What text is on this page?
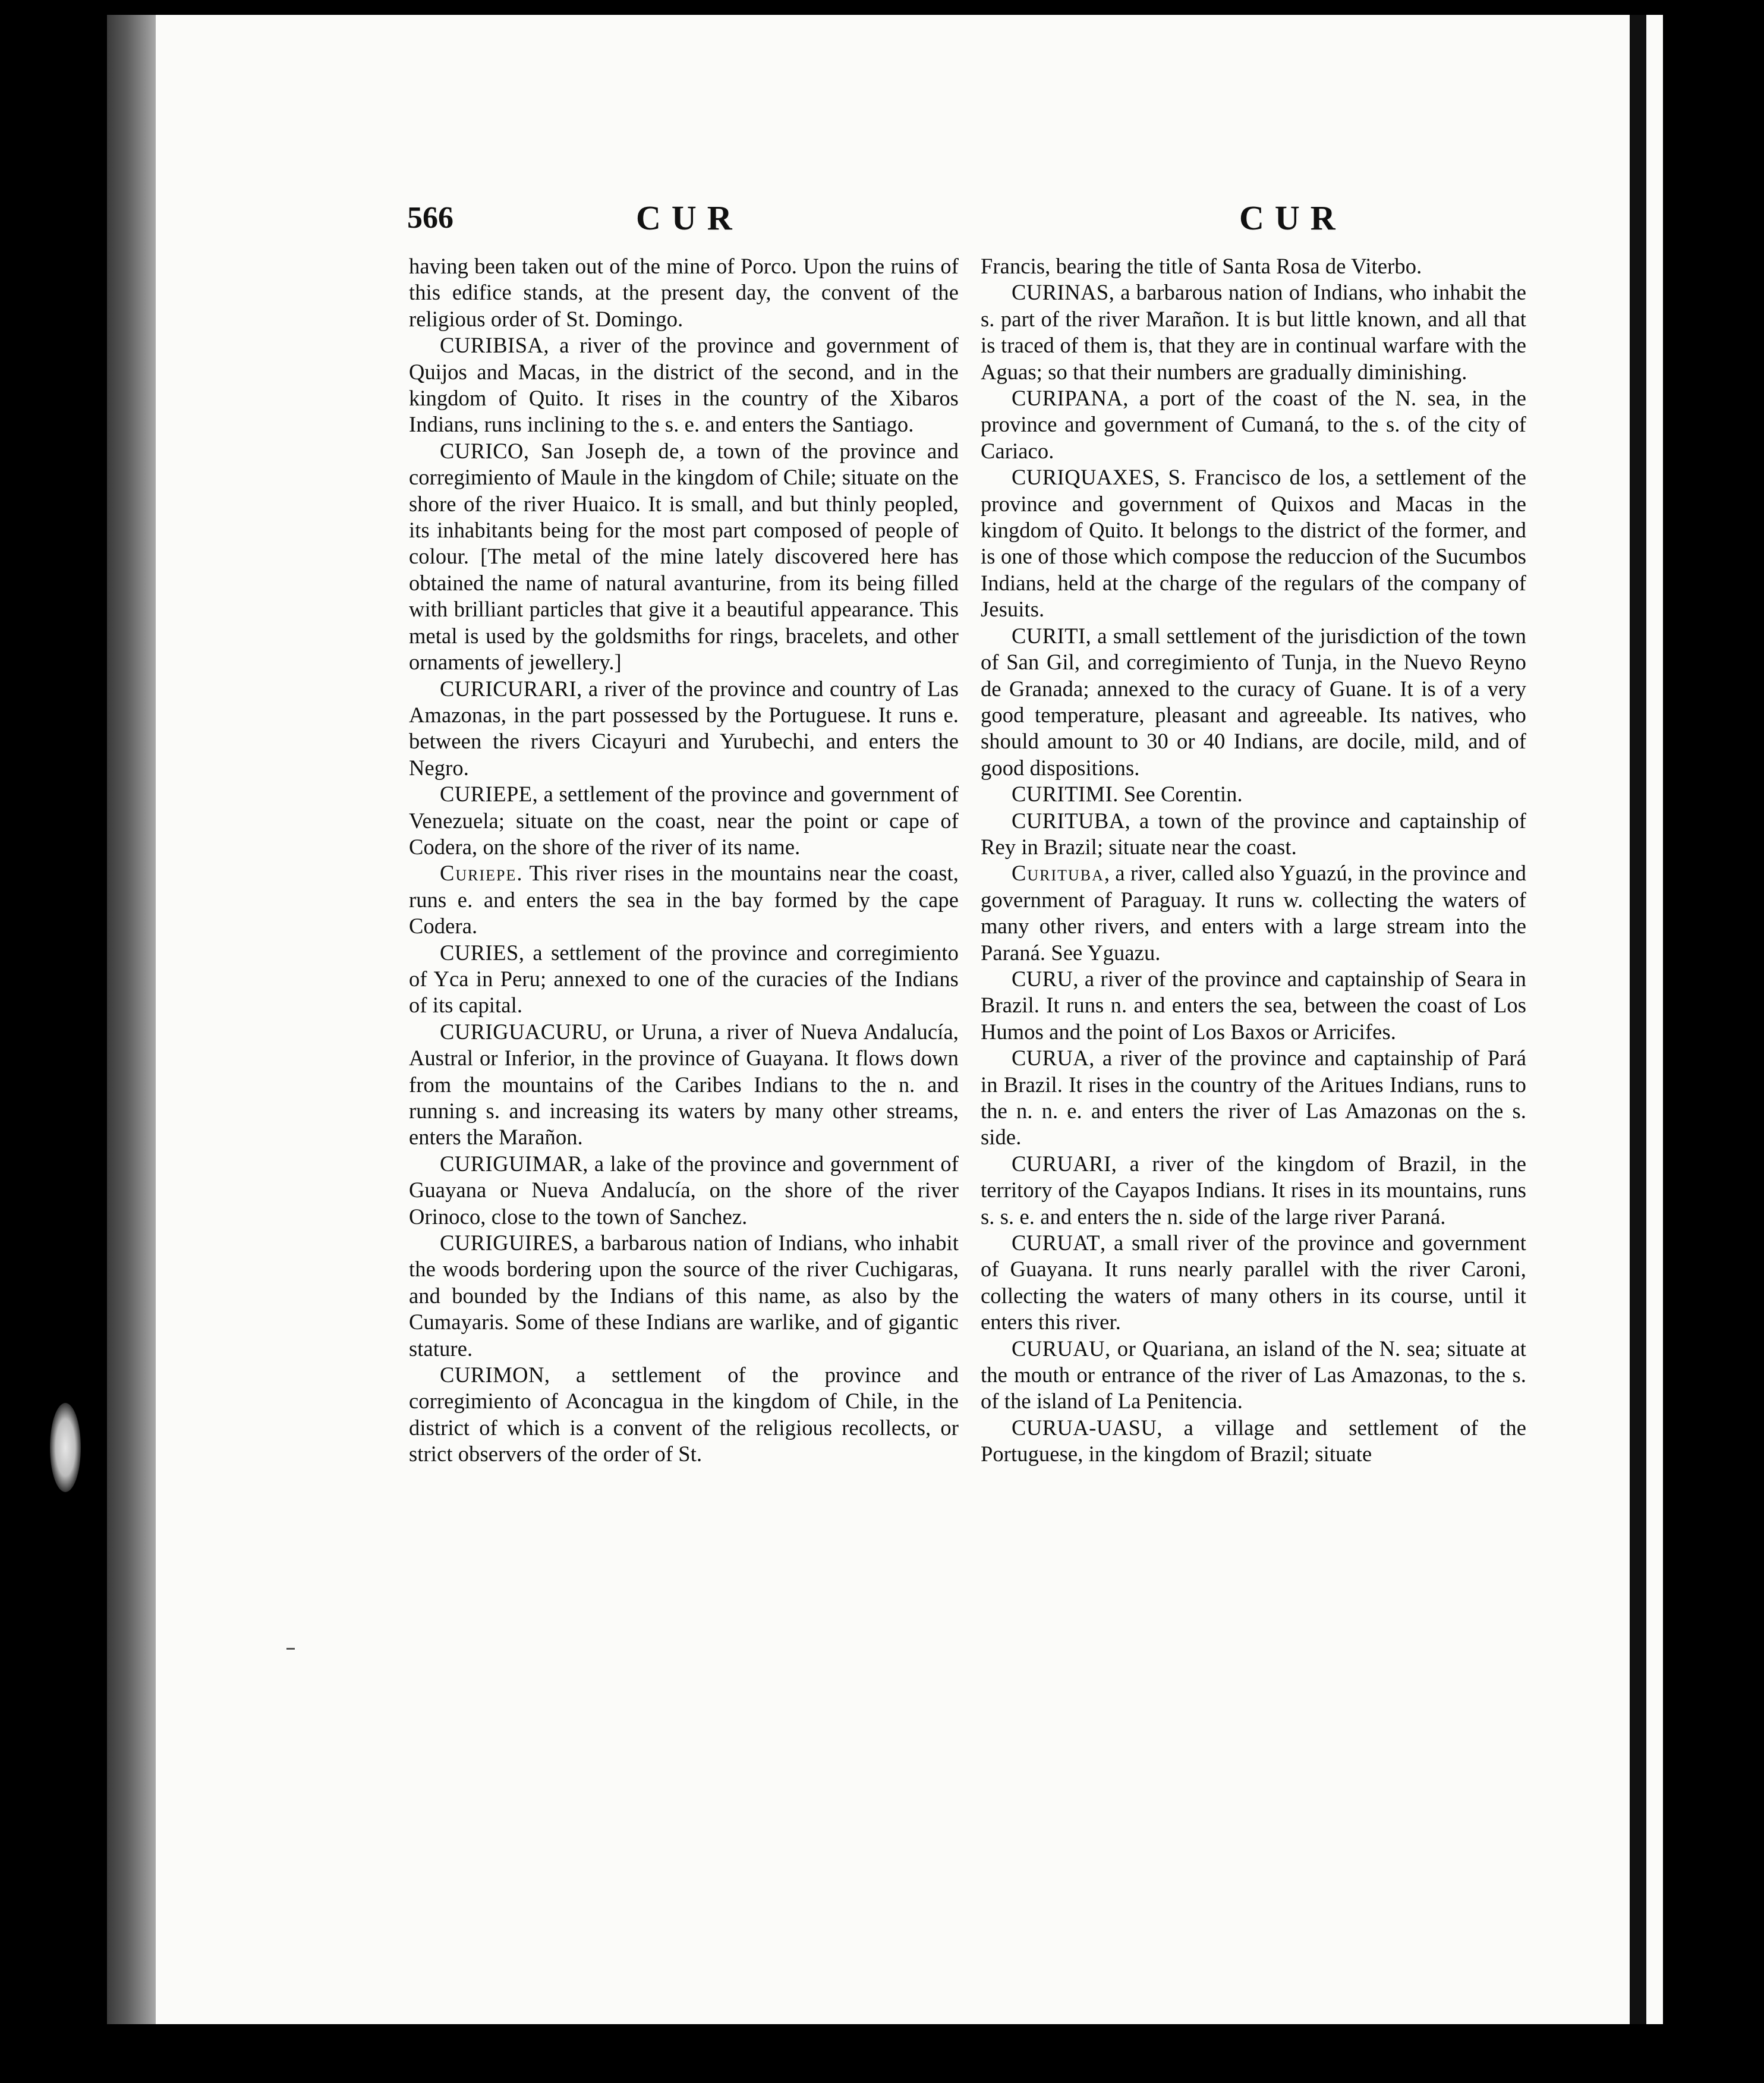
566	CUR	CUR

having been taken out of the mine of Porco. Upon the ruins of this edifice stands, at the present day, the convent of the religious order of St. Domingo.

CURIBISA, a river of the province and government of Quijos and Macas, in the district of the second, and in the kingdom of Quito. It rises in the country of the Xibaros Indians, runs inclining to the s. e. and enters the Santiago.

CURICO, San Joseph de, a town of the province and corregimiento of Maule in the kingdom of Chile; situate on the shore of the river Huaico. It is small, and but thinly peopled, its inhabitants being for the most part composed of people of colour. [The metal of the mine lately discovered here has obtained the name of natural avanturine, from its being filled with brilliant particles that give it a beautiful appearance. This metal is used by the goldsmiths for rings, bracelets, and other ornaments of jewellery.]

CURICURARI, a river of the province and country of Las Amazonas, in the part possessed by the Portuguese. It runs e. between the rivers Cicayuri and Yurubechi, and enters the Negro.

CURIEPE, a settlement of the province and government of Venezuela; situate on the coast, near the point or cape of Codera, on the shore of the river of its name.

Curiepe. This river rises in the mountains near the coast, runs e. and enters the sea in the bay formed by the cape Codera.

CURIES, a settlement of the province and corregimiento of Yca in Peru; annexed to one of the curacies of the Indians of its capital.

CURIGUACURU, or Uruna, a river of Nueva Andalucía, Austral or Inferior, in the province of Guayana. It flows down from the mountains of the Caribes Indians to the n. and running s. and increasing its waters by many other streams, enters the Marañon.

CURIGUIMAR, a lake of the province and government of Guayana or Nueva Andalucía, on the shore of the river Orinoco, close to the town of Sanchez.

CURIGUIRES, a barbarous nation of Indians, who inhabit the woods bordering upon the source of the river Cuchigaras, and bounded by the Indians of this name, as also by the Cumayaris. Some of these Indians are warlike, and of gigantic stature.

CURIMON, a settlement of the province and corregimiento of Aconcagua in the kingdom of Chile, in the district of which is a convent of the religious recollects, or strict observers of the order of St.

Francis, bearing the title of Santa Rosa de Viterbo.

CURINAS, a barbarous nation of Indians, who inhabit the s. part of the river Marañon. It is but little known, and all that is traced of them is, that they are in continual warfare with the Aguas; so that their numbers are gradually diminishing.

CURIPANA, a port of the coast of the N. sea, in the province and government of Cumaná, to the s. of the city of Cariaco.

CURIQUAXES, S. Francisco de los, a settlement of the province and government of Quixos and Macas in the kingdom of Quito. It belongs to the district of the former, and is one of those which compose the reduccion of the Sucumbos Indians, held at the charge of the regulars of the company of Jesuits.

CURITI, a small settlement of the jurisdiction of the town of San Gil, and corregimiento of Tunja, in the Nuevo Reyno de Granada; annexed to the curacy of Guane. It is of a very good temperature, pleasant and agreeable. Its natives, who should amount to 30 or 40 Indians, are docile, mild, and of good dispositions.

CURITIMI. See Corentin.

CURITUBA, a town of the province and captainship of Rey in Brazil; situate near the coast.

Curituba, a river, called also Yguazú, in the province and government of Paraguay. It runs w. collecting the waters of many other rivers, and enters with a large stream into the Paraná. See Yguazu.

CURU, a river of the province and captainship of Seara in Brazil. It runs n. and enters the sea, between the coast of Los Humos and the point of Los Baxos or Arricifes.

CURUA, a river of the province and captainship of Pará in Brazil. It rises in the country of the Aritues Indians, runs to the n. n. e. and enters the river of Las Amazonas on the s. side.

CURUARI, a river of the kingdom of Brazil, in the territory of the Cayapos Indians. It rises in its mountains, runs s. s. e. and enters the n. side of the large river Paraná.

CURUAT, a small river of the province and government of Guayana. It runs nearly parallel with the river Caroni, collecting the waters of many others in its course, until it enters this river.

CURUAU, or Quariana, an island of the N. sea; situate at the mouth or entrance of the river of Las Amazonas, to the s. of the island of La Penitencia.

CURUA-UASU, a village and settlement of the Portuguese, in the kingdom of Brazil; situate
